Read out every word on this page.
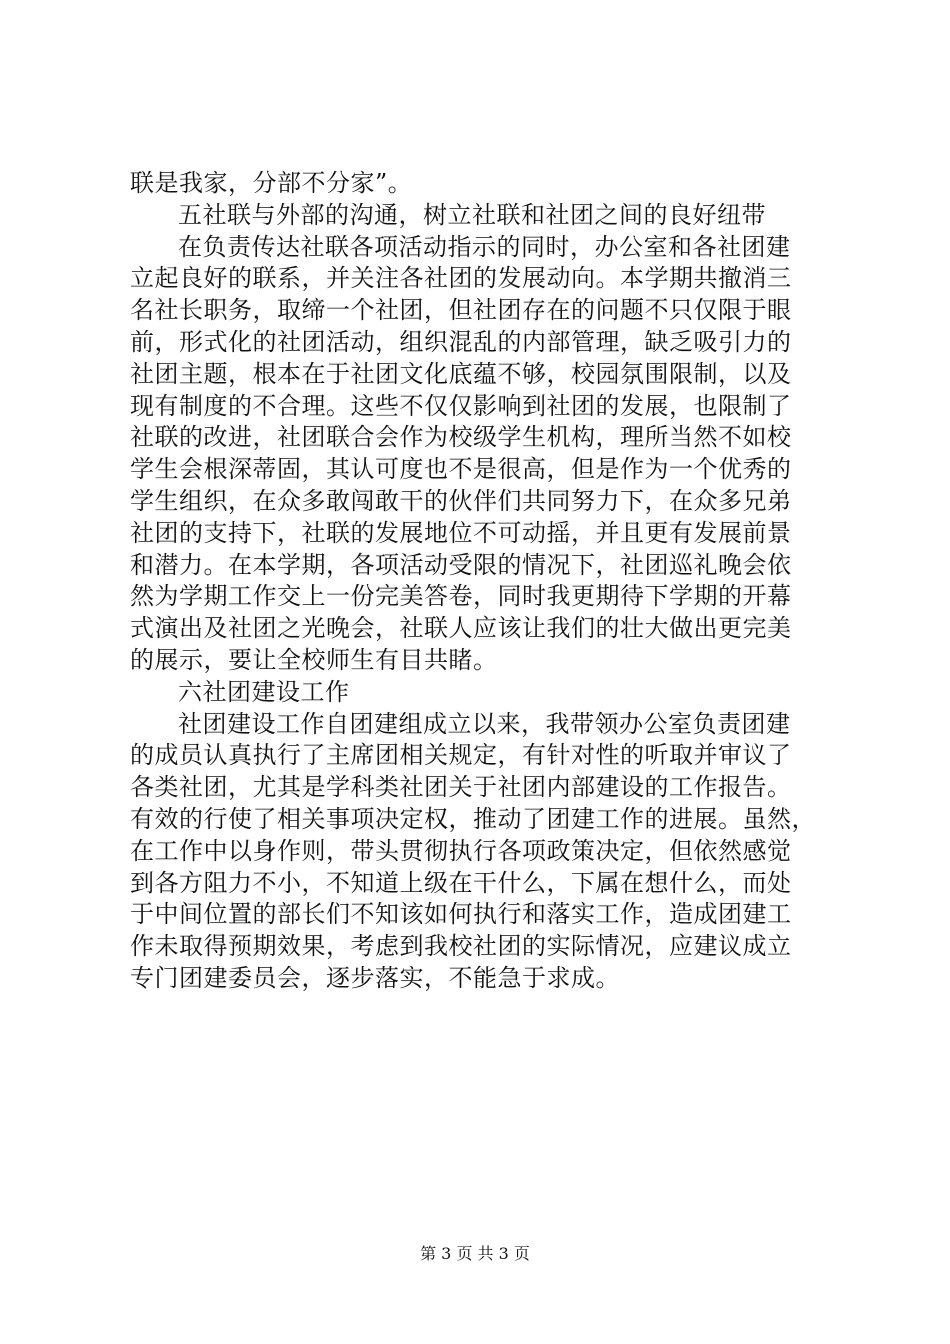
联是我家，分部不分家”。
五社联与外部的沟通，树立社联和社团之间的良好纽带
在负责传达社联各项活动指示的同时，办公室和各社团建
立起良好的联系，并关注各社团的发展动向。本学期共撤消三
名社长职务，取缔一个社团，但社团存在的问题不只仅限于眼
前，形式化的社团活动，组织混乱的内部管理，缺乏吸引力的
社团主题，根本在于社团文化底蕴不够，校园氛围限制，以及
现有制度的不合理。这些不仅仅影响到社团的发展，也限制了
社联的改进，社团联合会作为校级学生机构，理所当然不如校
学生会根深蒂固，其认可度也不是很高，但是作为一个优秀的
学生组织，在众多敢闯敢干的伙伴们共同努力下，在众多兄弟
社团的支持下，社联的发展地位不可动摇，并且更有发展前景
和潜力。在本学期，各项活动受限的情况下，社团巡礼晚会依
然为学期工作交上一份完美答卷，同时我更期待下学期的开幕
式演出及社团之光晚会，社联人应该让我们的壮大做出更完美
的展示，要让全校师生有目共睹。
六社团建设工作
社团建设工作自团建组成立以来，我带领办公室负责团建
的成员认真执行了主席团相关规定，有针对性的听取并审议了
各类社团，尤其是学科类社团关于社团内部建设的工作报告。
有效的行使了相关事项决定权，推动了团建工作的进展。虽然，
在工作中以身作则，带头贯彻执行各项政策决定，但依然感觉
到各方阻力不小，不知道上级在干什么，下属在想什么，而处
于中间位置的部长们不知该如何执行和落实工作，造成团建工
作未取得预期效果，考虑到我校社团的实际情况，应建议成立
专门团建委员会，逐步落实，不能急于求成。
第 3 页 共 3 页
